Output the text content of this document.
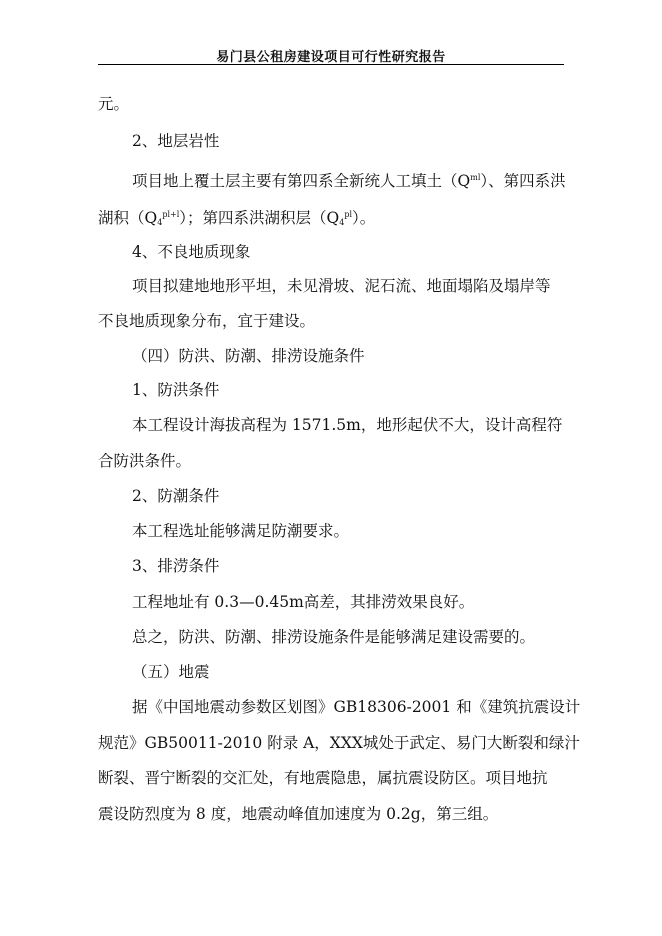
易门县公租房建设项目可行性研究报告
元。
2、地层岩性
项目地上覆土层主要有第四系全新统人工填土$(Q^{ml})$、第四系洪
湖积$(Q_4^{pl+l})$；第四系洪湖积层$(Q_4^{pl})$。
4、不良地质现象
项目拟建地地形平坦，未见滑坡、泥石流、地面塌陷及塌岸等
不良地质现象分布，宜于建设。
（四）防洪、防潮、排涝设施条件
1、防洪条件
本工程设计海拔高程为 1571.5m，地形起伏不大，设计高程符
合防洪条件。
2、防潮条件
本工程选址能够满足防潮要求。
3、排涝条件
工程地址有 0.3—0.45m高差，其排涝效果良好。
总之，防洪、防潮、排涝设施条件是能够满足建设需要的。
（五）地震
据《中国地震动参数区划图》GB18306-2001 和《建筑抗震设计
规范》GB50011-2010 附录 A，XXX城处于武定、易门大断裂和绿汁
断裂、晋宁断裂的交汇处，有地震隐患，属抗震设防区。项目地抗
震设防烈度为 8 度，地震动峰值加速度为 0.2g，第三组。
